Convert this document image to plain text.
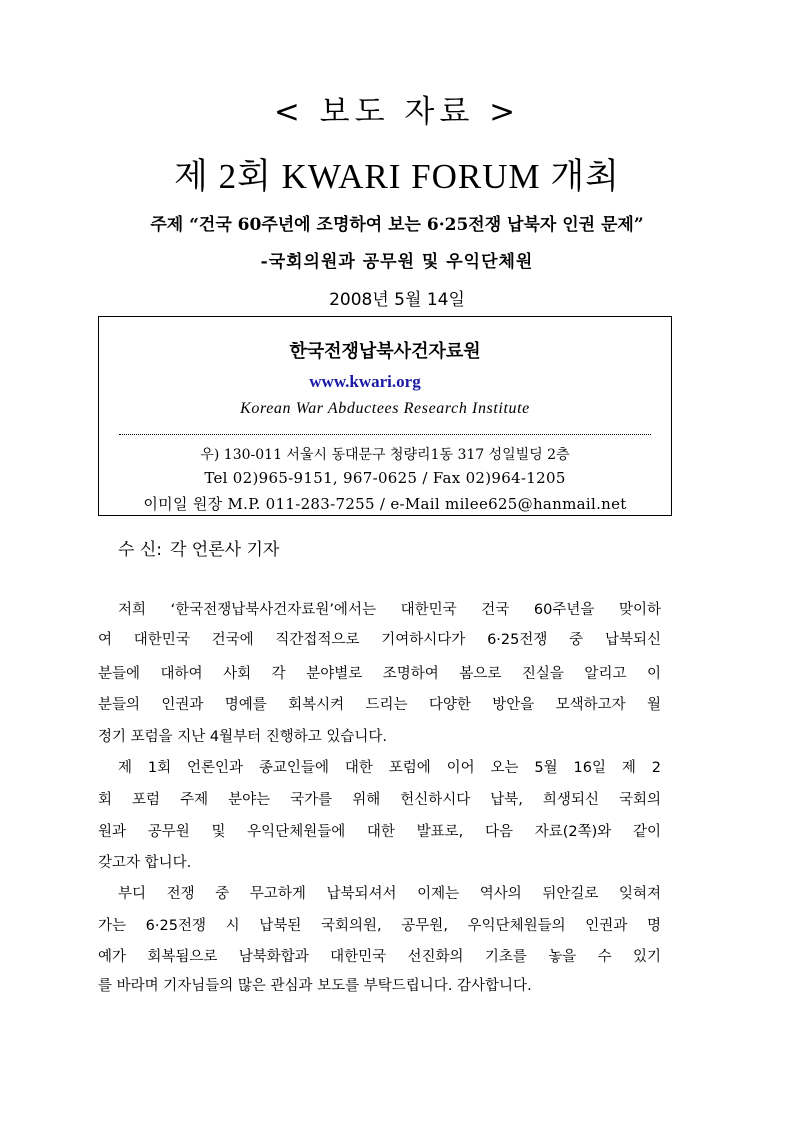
< 보도 자료 >
제 2회 KWARI FORUM 개최
주제 “건국 60주년에 조명하여 보는 6·25전쟁 납북자 인권 문제”
-국회의원과 공무원 및 우익단체원
2008년 5월 14일
한국전쟁납북사건자료원
www.kwari.org
Korean War Abductees Research Institute
우) 130-011 서울시 동대문구 청량리1동 317 성일빌딩 2층
Tel 02)965-9151, 967-0625 / Fax 02)964-1205
이미일 원장 M.P. 011-283-7255 / e-Mail milee625@hanmail.net
수 신: 각 언론사 기자
저희 ‘한국전쟁납북사건자료원’에서는 대한민국 건국 60주년을 맞이하
여 대한민국 건국에 직간접적으로 기여하시다가 6·25전쟁 중 납북되신
분들에 대하여 사회 각 분야별로 조명하여 봄으로 진실을 알리고 이
분들의 인권과 명예를 회복시켜 드리는 다양한 방안을 모색하고자 월
정기 포럼을 지난 4월부터 진행하고 있습니다.
제 1회 언론인과 종교인들에 대한 포럼에 이어 오는 5월 16일 제 2
회 포럼 주제 분야는 국가를 위해 헌신하시다 납북, 희생되신 국회의
원과 공무원 및 우익단체원들에 대한 발표로, 다음 자료(2쪽)와 같이
갖고자 합니다.
부디 전쟁 중 무고하게 납북되셔서 이제는 역사의 뒤안길로 잊혀져
가는 6·25전쟁 시 납북된 국회의원, 공무원, 우익단체원들의 인권과 명
예가 회복됨으로 남북화합과 대한민국 선진화의 기초를 놓을 수 있기
를 바라며 기자님들의 많은 관심과 보도를 부탁드립니다. 감사합니다.
